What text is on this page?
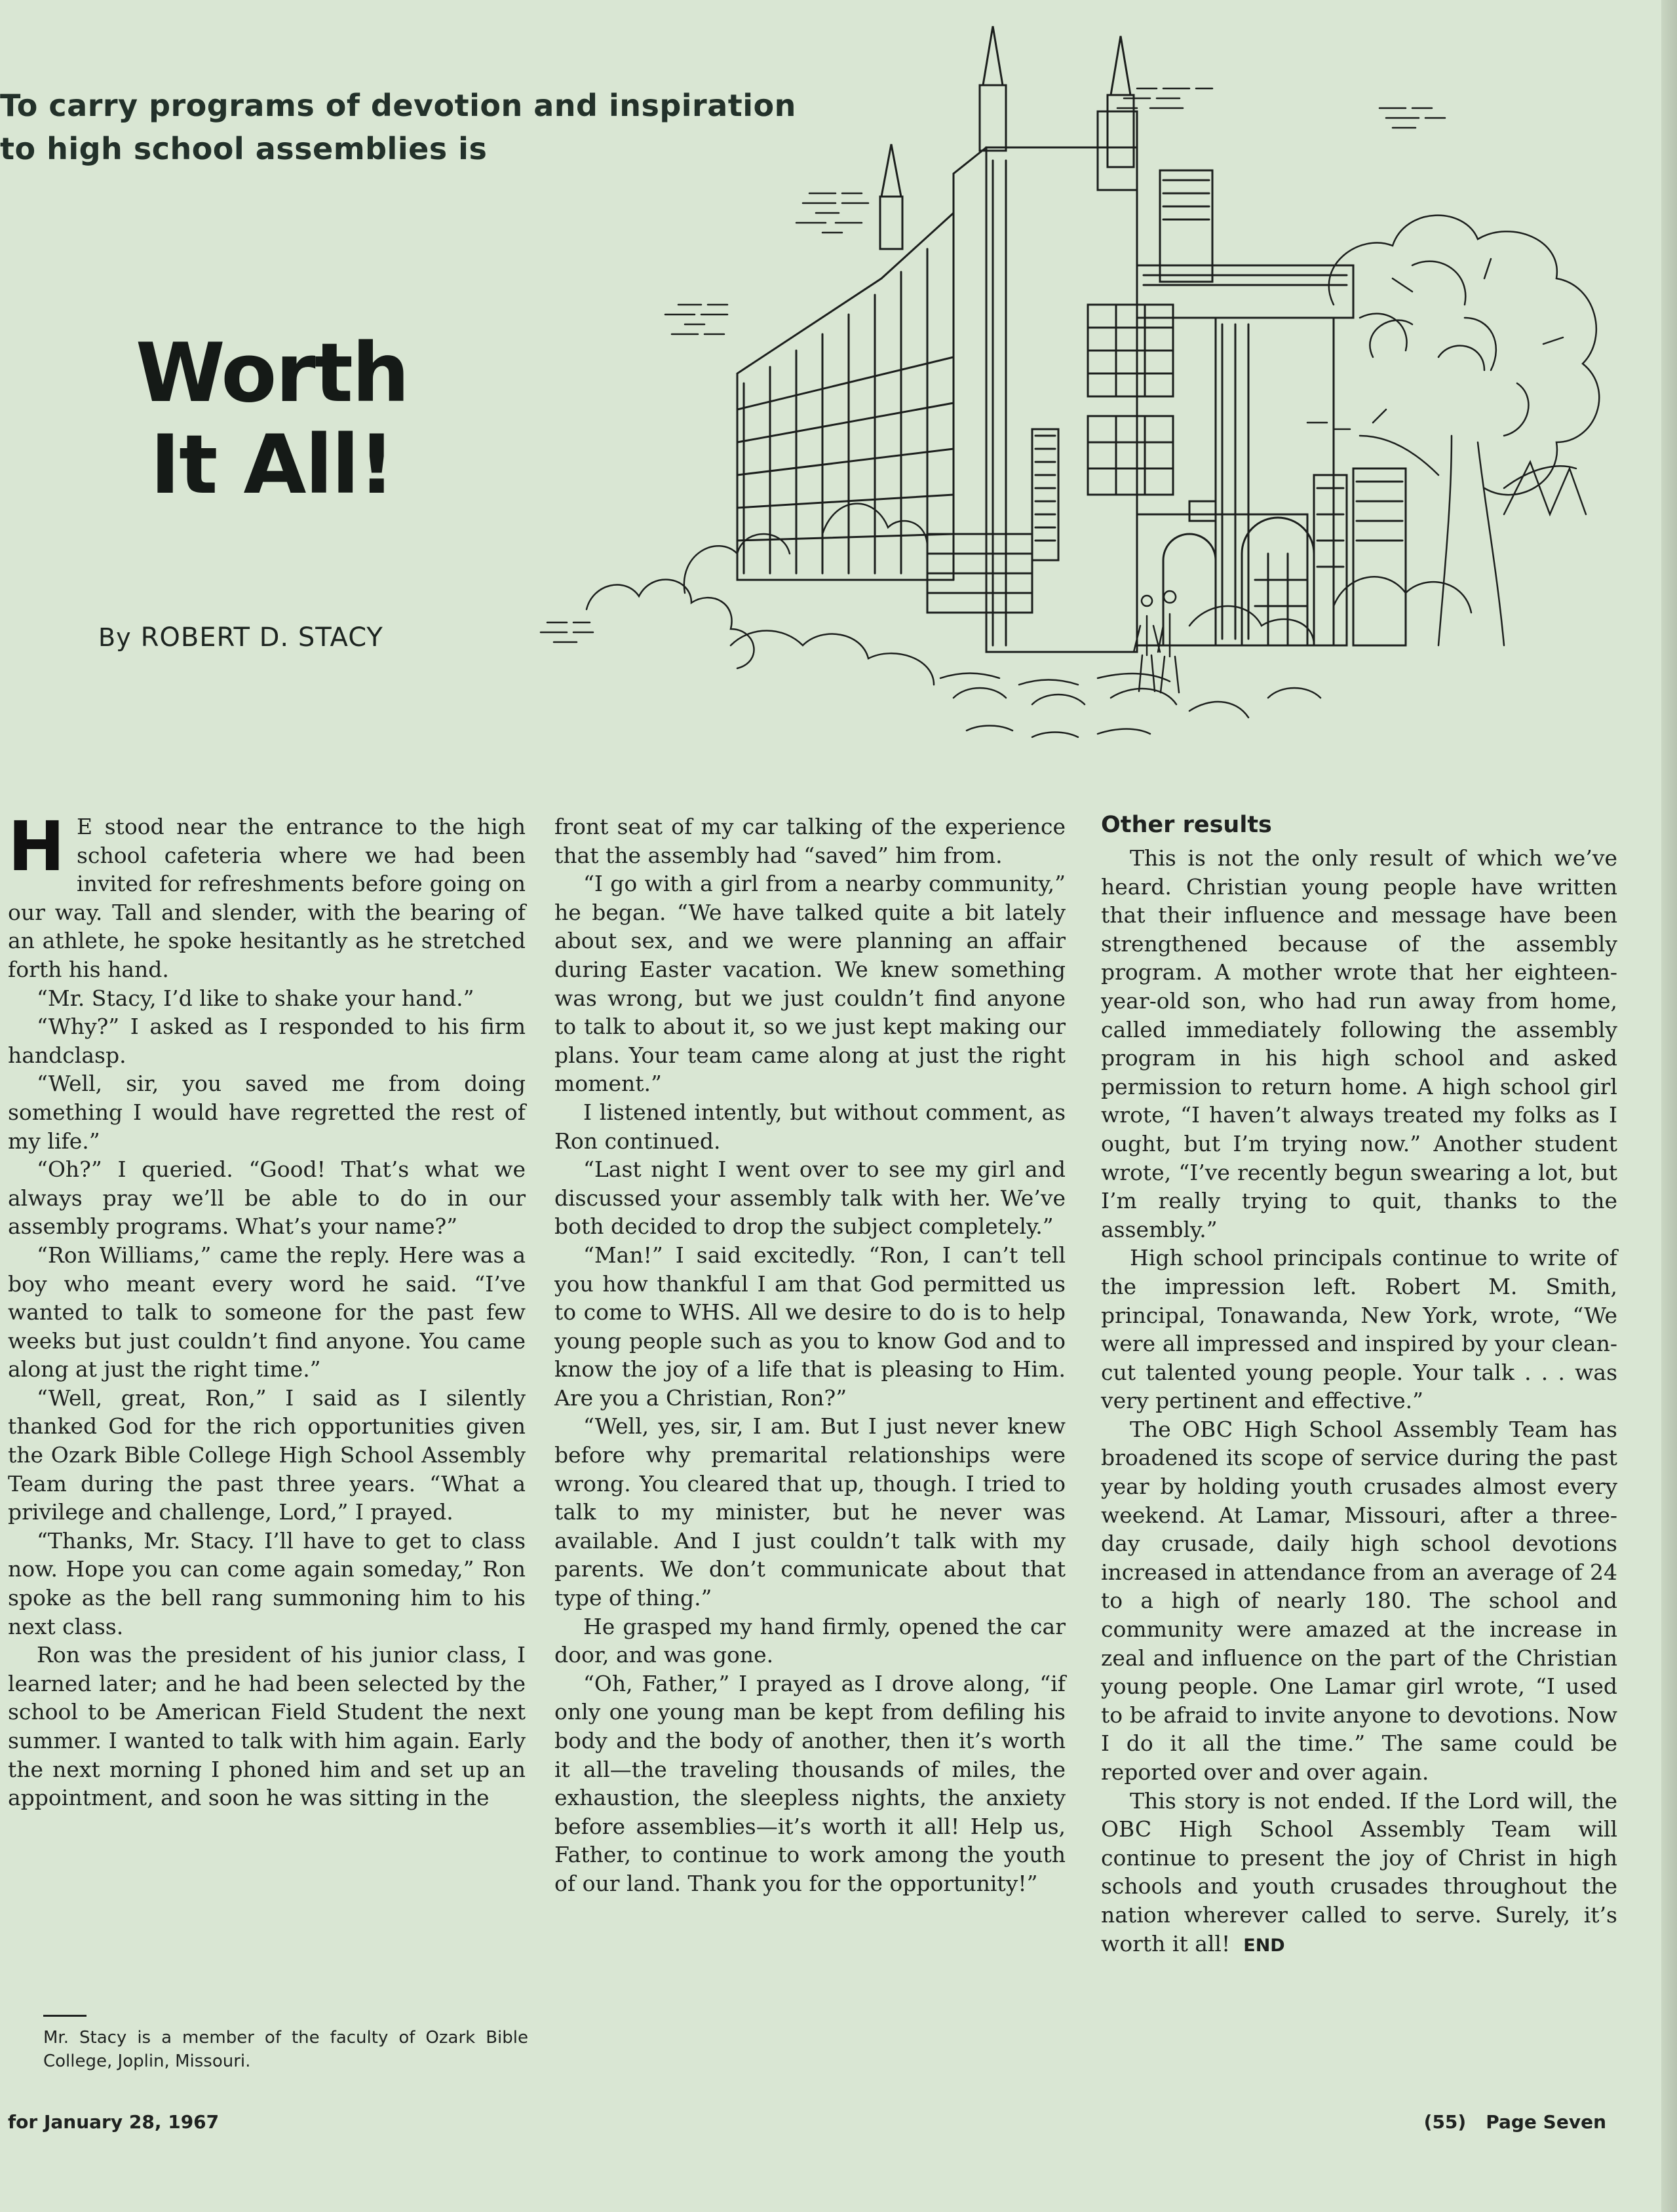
To carry programs of devotion and inspiration
to high school assemblies is
Worth
It All!
By ROBERT D. STACY
H E stood near the entrance to the high school cafeteria where we had been invited for refreshments before going on our way. Tall and slender, with the bearing of an athlete, he spoke hesitantly as he stretched forth his hand.

“Mr. Stacy, I’d like to shake your hand.”

“Why?” I asked as I responded to his firm handclasp.

“Well, sir, you saved me from doing something I would have regretted the rest of my life.”

“Oh?” I queried. “Good! That’s what we always pray we’ll be able to do in our assembly programs. What’s your name?”

“Ron Williams,” came the reply. Here was a boy who meant every word he said. “I’ve wanted to talk to someone for the past few weeks but just couldn’t find anyone. You came along at just the right time.”

“Well, great, Ron,” I said as I silently thanked God for the rich opportunities given the Ozark Bible College High School Assembly Team during the past three years. “What a privilege and challenge, Lord,” I prayed.

“Thanks, Mr. Stacy. I’ll have to get to class now. Hope you can come again someday,” Ron spoke as the bell rang summoning him to his next class.

Ron was the president of his junior class, I learned later; and he had been selected by the school to be American Field Student the next summer. I wanted to talk with him again. Early the next morning I phoned him and set up an appointment, and soon he was sitting in the

Mr. Stacy is a member of the faculty of Ozark Bible College, Joplin, Missouri.

front seat of my car talking of the experience that the assembly had “saved” him from.

“I go with a girl from a nearby community,” he began. “We have talked quite a bit lately about sex, and we were planning an affair during Easter vacation. We knew something was wrong, but we just couldn’t find anyone to talk to about it, so we just kept making our plans. Your team came along at just the right moment.”

I listened intently, but without comment, as Ron continued.

“Last night I went over to see my girl and discussed your assembly talk with her. We’ve both decided to drop the subject completely.”

“Man!” I said excitedly. “Ron, I can’t tell you how thankful I am that God permitted us to come to WHS. All we desire to do is to help young people such as you to know God and to know the joy of a life that is pleasing to Him. Are you a Christian, Ron?”

“Well, yes, sir, I am. But I just never knew before why premarital relationships were wrong. You cleared that up, though. I tried to talk to my minister, but he never was available. And I just couldn’t talk with my parents. We don’t communicate about that type of thing.”

He grasped my hand firmly, opened the car door, and was gone.

“Oh, Father,” I prayed as I drove along, “if only one young man be kept from defiling his body and the body of another, then it’s worth it all—the traveling thousands of miles, the exhaustion, the sleepless nights, the anxiety before assemblies—it’s worth it all! Help us, Father, to continue to work among the youth of our land. Thank you for the opportunity!”

Other results

This is not the only result of which we’ve heard. Christian young people have written that their influence and message have been strengthened because of the assembly program. A mother wrote that her eighteen-year-old son, who had run away from home, called immediately following the assembly program in his high school and asked permission to return home. A high school girl wrote, “I haven’t always treated my folks as I ought, but I’m trying now.” Another student wrote, “I’ve recently begun swearing a lot, but I’m really trying to quit, thanks to the assembly.”

High school principals continue to write of the impression left. Robert M. Smith, principal, Tonawanda, New York, wrote, “We were all impressed and inspired by your clean-cut talented young people. Your talk . . . was very pertinent and effective.”

The OBC High School Assembly Team has broadened its scope of service during the past year by holding youth crusades almost every weekend. At Lamar, Missouri, after a three-day crusade, daily high school devotions increased in attendance from an average of 24 to a high of nearly 180. The school and community were amazed at the increase in zeal and influence on the part of the Christian young people. One Lamar girl wrote, “I used to be afraid to invite anyone to devotions. Now I do it all the time.” The same could be reported over and over again.

This story is not ended. If the Lord will, the OBC High School Assembly Team will continue to present the joy of Christ in high schools and youth crusades throughout the nation wherever called to serve. Surely, it’s worth it all! END

for January 28, 1967	(55) Page Seven
